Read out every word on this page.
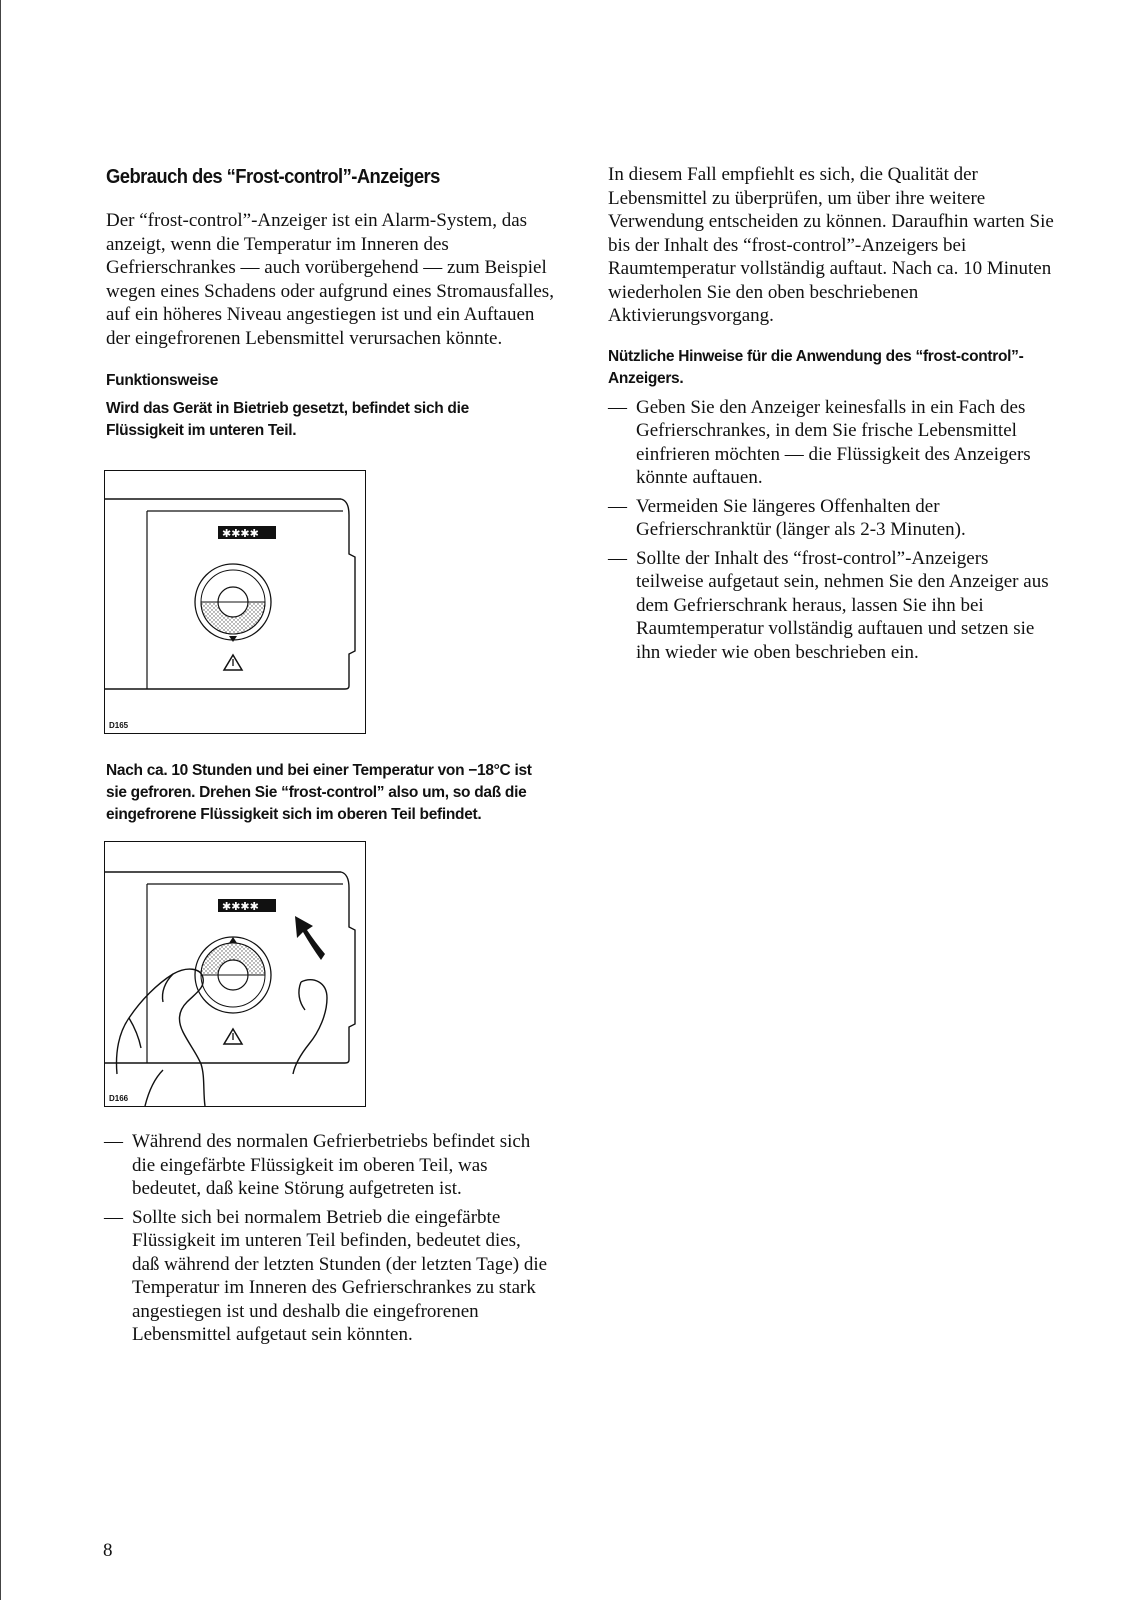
Gebrauch des “Frost-control”-Anzeigers

Der “frost-control”-Anzeiger ist ein Alarm-System, das anzeigt, wenn die Temperatur im Inneren des Gefrierschrankes — auch vorübergehend — zum Beispiel wegen eines Schadens oder aufgrund eines Stromausfalles, auf ein höheres Niveau angestiegen ist und ein Auftauen der eingefrorenen Lebensmittel verursachen könnte.

Funktionsweise

Wird das Gerät in Bietrieb gesetzt, befindet sich die Flüssigkeit im unteren Teil.

✱✱✱✱
D165

Nach ca. 10 Stunden und bei einer Temperatur von −18°C ist sie gefroren. Drehen Sie “frost-control” also um, so daß die eingefrorene Flüssigkeit sich im oberen Teil befindet.

✱✱✱✱
D166
— Während des normalen Gefrierbetriebs befindet sich die eingefärbte Flüssigkeit im oberen Teil, was bedeutet, daß keine Störung aufgetreten ist.
— Sollte sich bei normalem Betrieb die eingefärbte Flüssigkeit im unteren Teil befinden, bedeutet dies, daß während der letzten Stunden (der letzten Tage) die Temperatur im Inneren des Gefrierschrankes zu stark angestiegen ist und deshalb die eingefrorenen Lebensmittel aufgetaut sein könnten.

In diesem Fall empfiehlt es sich, die Qualität der Lebensmittel zu überprüfen, um über ihre weitere Verwendung entscheiden zu können. Daraufhin warten Sie bis der Inhalt des “frost-control”-Anzeigers bei Raumtemperatur vollständig auftaut. Nach ca. 10 Minuten wiederholen Sie den oben beschriebenen Aktivierungsvorgang.

Nützliche Hinweise für die Anwendung des “frost-control”-Anzeigers.

— Geben Sie den Anzeiger keinesfalls in ein Fach des Gefrierschrankes, in dem Sie frische Lebensmittel einfrieren möchten — die Flüssigkeit des Anzeigers könnte auftauen.
— Vermeiden Sie längeres Offenhalten der Gefrierschranktür (länger als 2-3 Minuten).
— Sollte der Inhalt des “frost-control”-Anzeigers teilweise aufgetaut sein, nehmen Sie den Anzeiger aus dem Gefrierschrank heraus, lassen Sie ihn bei Raumtemperatur vollständig auftauen und setzen sie ihn wieder wie oben beschrieben ein.
8
